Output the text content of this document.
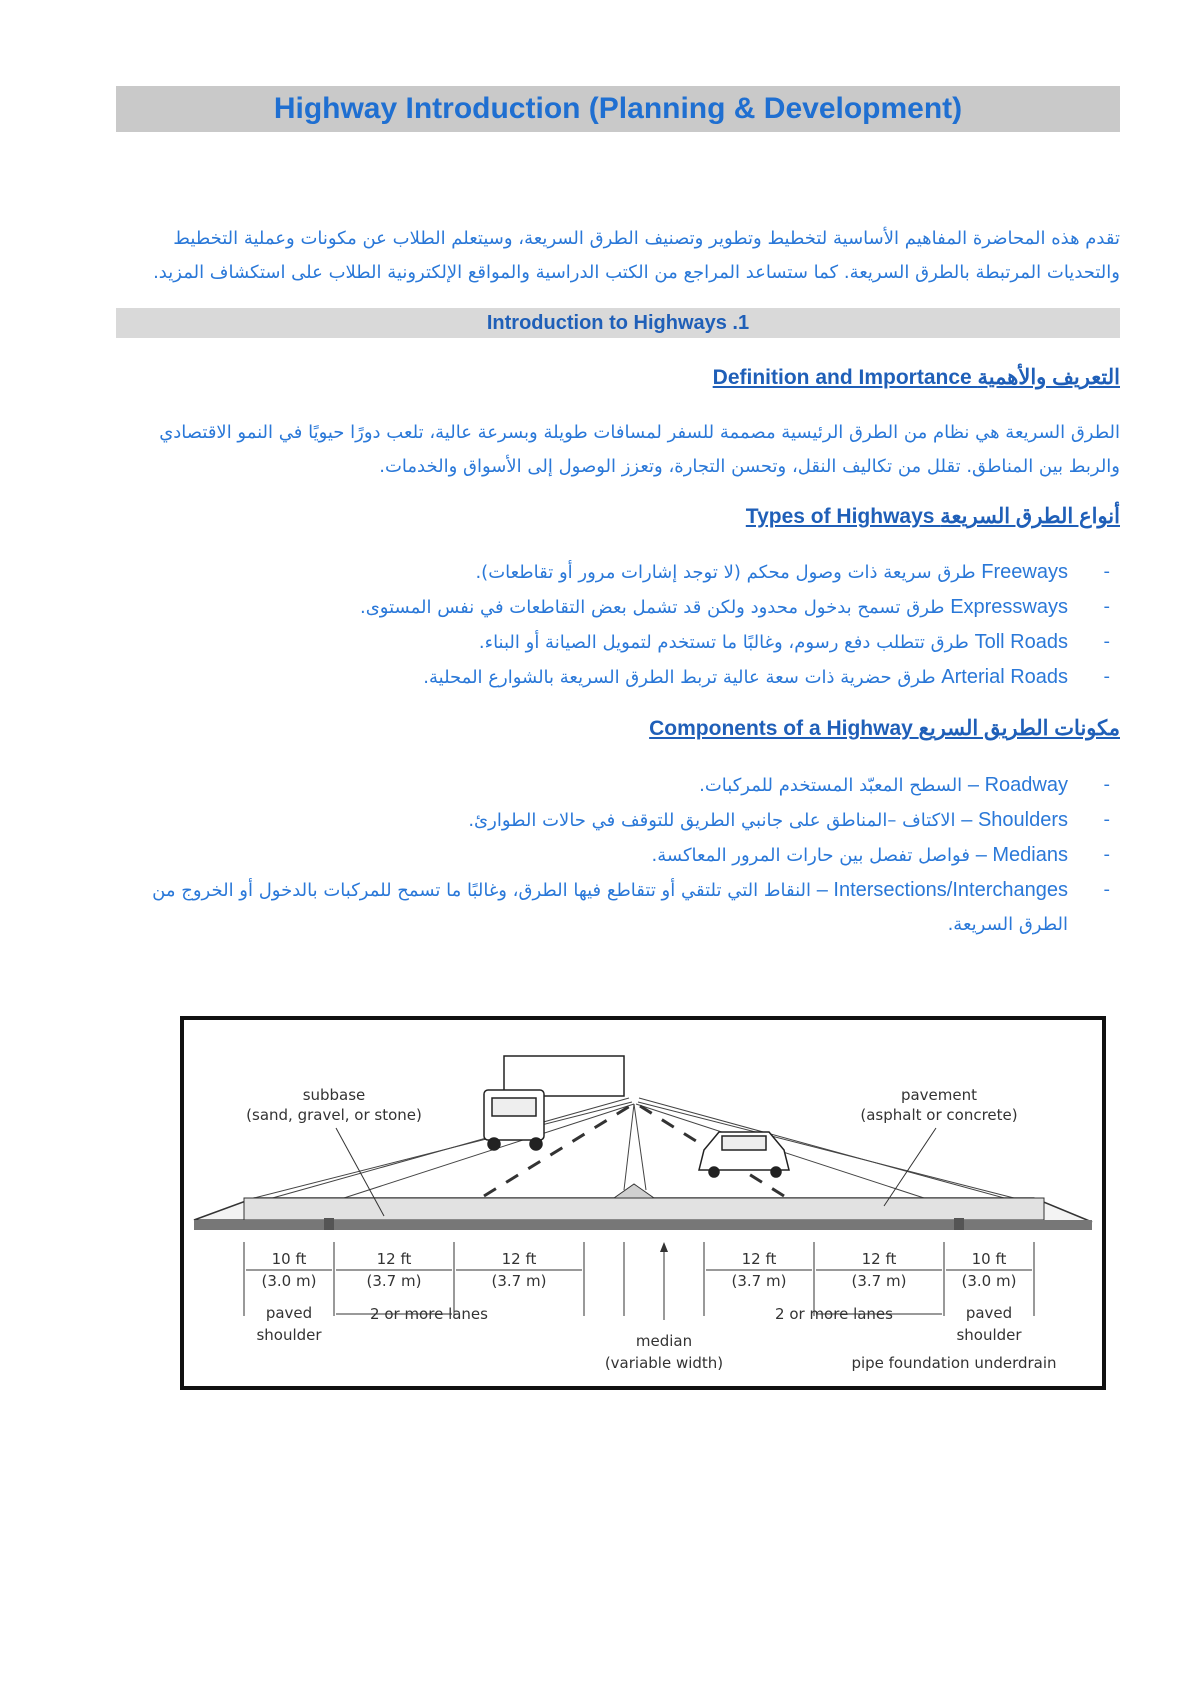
Highway Introduction (Planning & Development)
تقدم هذه المحاضرة المفاهيم الأساسية لتخطيط وتطوير وتصنيف الطرق السريعة، وسيتعلم الطلاب عن مكونات وعملية التخطيط
والتحديات المرتبطة بالطرق السريعة. كما ستساعد المراجع من الكتب الدراسية والمواقع الإلكترونية الطلاب على استكشاف المزيد.
Introduction to Highways .1
Definition and Importance التعريف والأهمية
الطرق السريعة هي نظام من الطرق الرئيسية مصممة للسفر لمسافات طويلة وبسرعة عالية، تلعب دورًا حيويًا في النمو الاقتصادي
والربط بين المناطق. تقلل من تكاليف النقل، وتحسن التجارة، وتعزز الوصول إلى الأسواق والخدمات.
Types of Highways أنواع الطرق السريعة
-
Freeways طرق سريعة ذات وصول محكم (لا توجد إشارات مرور أو تقاطعات).
-
Expressways طرق تسمح بدخول محدود ولكن قد تشمل بعض التقاطعات في نفس المستوى.
-
Toll Roads طرق تتطلب دفع رسوم، وغالبًا ما تستخدم لتمويل الصيانة أو البناء.
-
Arterial Roads طرق حضرية ذات سعة عالية تربط الطرق السريعة بالشوارع المحلية.
Components of a Highway مكونات الطريق السريع
-
Roadway – السطح المعبّد المستخدم للمركبات.
-
Shoulders – الاكتاف –المناطق على جانبي الطريق للتوقف في حالات الطوارئ.
-
Medians – فواصل تفصل بين حارات المرور المعاكسة.
-
Intersections/Interchanges – النقاط التي تلتقي أو تتقاطع فيها الطرق، وغالبًا ما تسمح للمركبات بالدخول أو الخروج من الطرق السريعة.
subbase
(sand, gravel, or stone)
pavement
(asphalt or concrete)
10 ft
(3.0 m)
12 ft
(3.7 m)
12 ft
(3.7 m)
12 ft
(3.7 m)
12 ft
(3.7 m)
10 ft
(3.0 m)
paved
shoulder
paved
shoulder
2 or more lanes	2 or more lanes
median
(variable width)	pipe foundation underdrain
